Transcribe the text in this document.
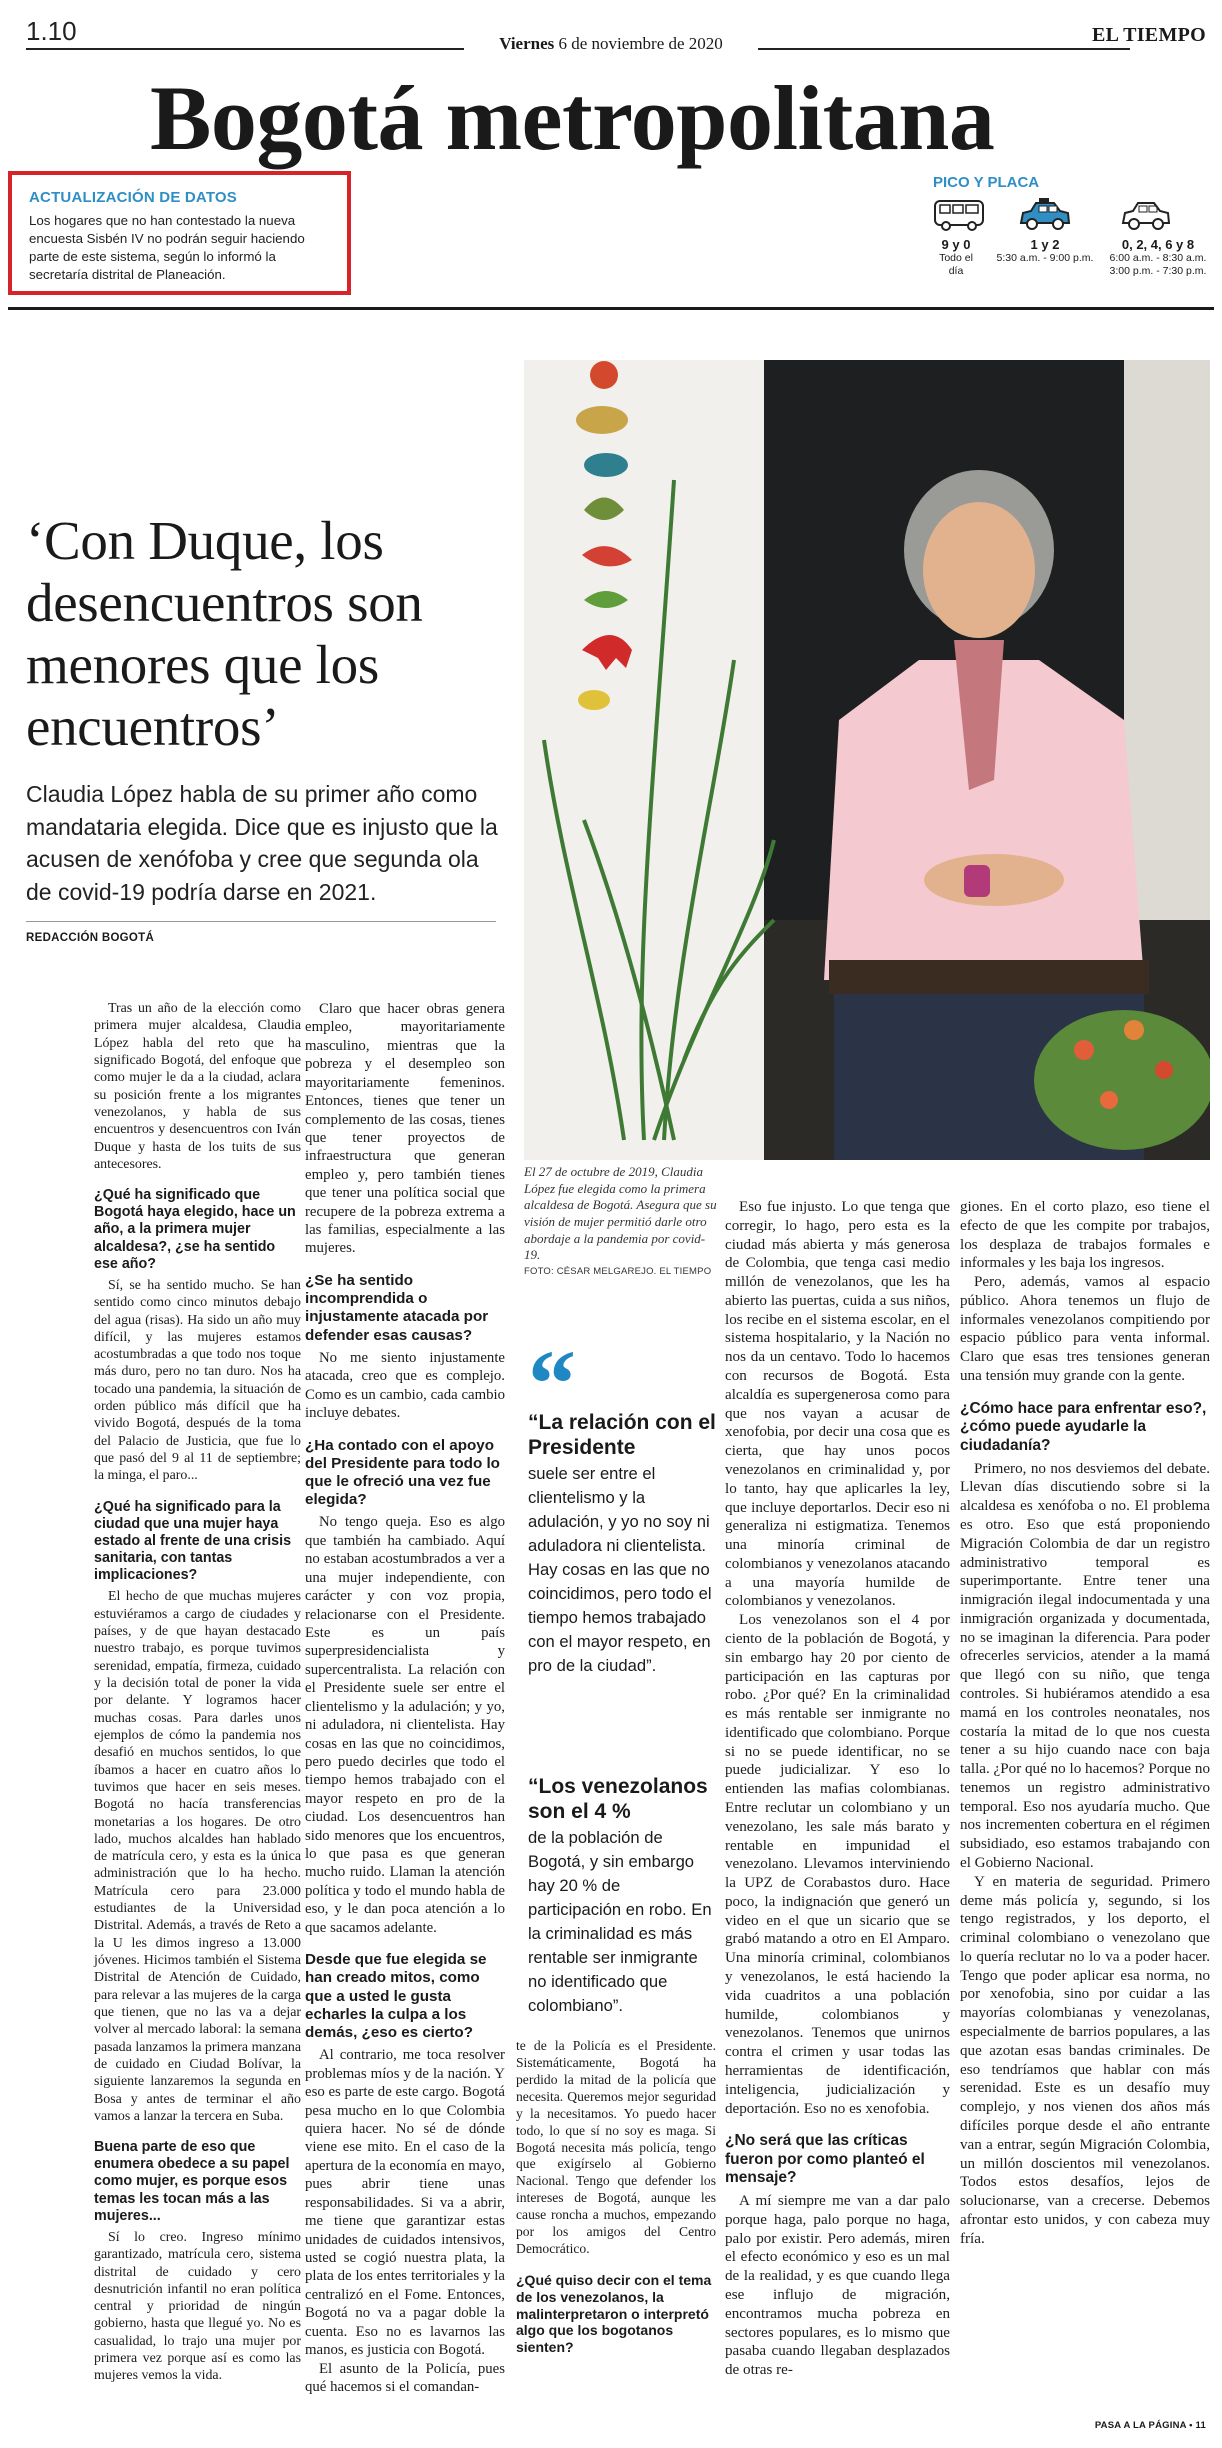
1.10	Viernes 6 de noviembre de 2020	EL TIEMPO
Bogotá metropolitana
ACTUALIZACIÓN DE DATOS
Los hogares que no han contestado la nueva encuesta Sisbén IV no podrán seguir haciendo parte de este sistema, según lo informó la secretaría distrital de Planeación.
PICO Y PLACA
9 y 0
Todo el día
1 y 2
5:30 a.m. - 9:00 p.m.
0, 2, 4, 6 y 8
6:00 a.m. - 8:30 a.m.
3:00 p.m. - 7:30 p.m.
‘Con Duque, los desencuentros son menores que los encuentros’
Claudia López habla de su primer año como mandataria elegida. Dice que es injusto que la acusen de xenófoba y cree que segunda ola de covid-19 podría darse en 2021.
REDACCIÓN BOGOTÁ
El 27 de octubre de 2019, Claudia López fue elegida como la primera alcaldesa de Bogotá. Asegura que su visión de mujer permitió darle otro abordaje a la pandemia por covid-19.
FOTO: CÉSAR MELGAREJO. EL TIEMPO
“
“La relación con el Presidente
suele ser entre el clientelismo y la adulación, y yo no soy ni aduladora ni clientelista. Hay cosas en las que no coincidimos, pero todo el tiempo hemos trabajado con el mayor respeto, en pro de la ciudad”.
“Los venezolanos son el 4 %
de la población de Bogotá, y sin embargo hay 20 % de participación en robo. En la criminalidad es más rentable ser inmigrante no identificado que colombiano”.

Tras un año de la elección como primera mujer alcaldesa, Claudia López habla del reto que ha significado Bogotá, del enfoque que como mujer le da a la ciudad, aclara su posición frente a los migrantes venezolanos, y habla de sus encuentros y desencuentros con Iván Duque y hasta de los tuits de sus antecesores.

¿Qué ha significado que Bogotá haya elegido, hace un año, a la primera mujer alcaldesa?, ¿se ha sentido ese año?

Sí, se ha sentido mucho. Se han sentido como cinco minutos debajo del agua (risas). Ha sido un año muy difícil, y las mujeres estamos acostumbradas a que todo nos toque más duro, pero no tan duro. Nos ha tocado una pandemia, la situación de orden público más difícil que ha vivido Bogotá, después de la toma del Palacio de Justicia, que fue lo que pasó del 9 al 11 de septiembre; la minga, el paro...

¿Qué ha significado para la ciudad que una mujer haya estado al frente de una crisis sanitaria, con tantas implicaciones?

El hecho de que muchas mujeres estuviéramos a cargo de ciudades y países, y de que hayan destacado nuestro trabajo, es porque tuvimos serenidad, empatía, firmeza, cuidado y la decisión total de poner la vida por delante. Y logramos hacer muchas cosas. Para darles unos ejemplos de cómo la pandemia nos desafió en muchos sentidos, lo que íbamos a hacer en cuatro años lo tuvimos que hacer en seis meses. Bogotá no hacía transferencias monetarias a los hogares. De otro lado, muchos alcaldes han hablado de matrícula cero, y esta es la única administración que lo ha hecho. Matrícula cero para 23.000 estudiantes de la Universidad Distrital. Además, a través de Reto a la U les dimos ingreso a 13.000 jóvenes. Hicimos también el Sistema Distrital de Atención de Cuidado, para relevar a las mujeres de la carga que tienen, que no las va a dejar volver al mercado laboral: la semana pasada lanzamos la primera manzana de cuidado en Ciudad Bolívar, la siguiente lanzaremos la segunda en Bosa y antes de terminar el año vamos a lanzar la tercera en Suba.

Buena parte de eso que enumera obedece a su papel como mujer, es porque esos temas les tocan más a las mujeres...

Sí lo creo. Ingreso mínimo garantizado, matrícula cero, sistema distrital de cuidado y cero desnutrición infantil no eran política central y prioridad de ningún gobierno, hasta que llegué yo. No es casualidad, lo trajo una mujer por primera vez porque así es como las mujeres vemos la vida.

Claro que hacer obras genera empleo, mayoritariamente masculino, mientras que la pobreza y el desempleo son mayoritariamente femeninos. Entonces, tienes que tener un complemento de las cosas, tienes que tener proyectos de infraestructura que generan empleo y, pero también tienes que tener una política social que recupere de la pobreza extrema a las familias, especialmente a las mujeres.

¿Se ha sentido incomprendida o injustamente atacada por defender esas causas?

No me siento injustamente atacada, creo que es complejo. Como es un cambio, cada cambio incluye debates.

¿Ha contado con el apoyo del Presidente para todo lo que le ofreció una vez fue elegida?

No tengo queja. Eso es algo que también ha cambiado. Aquí no estaban acostumbrados a ver a una mujer independiente, con carácter y con voz propia, relacionarse con el Presidente. Este es un país superpresidencialista y supercentralista. La relación con el Presidente suele ser entre el clientelismo y la adulación; y yo, ni aduladora, ni clientelista. Hay cosas en las que no coincidimos, pero puedo decirles que todo el tiempo hemos trabajado con el mayor respeto en pro de la ciudad. Los desencuentros han sido menores que los encuentros, lo que pasa es que generan mucho ruido. Llaman la atención política y todo el mundo habla de eso, y le dan poca atención a lo que sacamos adelante.

Desde que fue elegida se han creado mitos, como que a usted le gusta echarles la culpa a los demás, ¿eso es cierto?

Al contrario, me toca resolver problemas míos y de la nación. Y eso es parte de este cargo. Bogotá pesa mucho en lo que Colombia quiera hacer. No sé de dónde viene ese mito. En el caso de la apertura de la economía en mayo, pues abrir tiene unas responsabilidades. Si va a abrir, me tiene que garantizar estas unidades de cuidados intensivos, usted se cogió nuestra plata, la plata de los entes territoriales y la centralizó en el Fome. Entonces, Bogotá no va a pagar doble la cuenta. Eso no es lavarnos las manos, es justicia con Bogotá.

El asunto de la Policía, pues qué hacemos si el comandan-

te de la Policía es el Presidente. Sistemáticamente, Bogotá ha perdido la mitad de la policía que necesita. Queremos mejor seguridad y la necesitamos. Yo puedo hacer todo, lo que sí no soy es maga. Si Bogotá necesita más policía, tengo que exigírselo al Gobierno Nacional. Tengo que defender los intereses de Bogotá, aunque les cause roncha a muchos, empezando por los amigos del Centro Democrático.

¿Qué quiso decir con el tema de los venezolanos, la malinterpretaron o interpretó algo que los bogotanos sienten?

Eso fue injusto. Lo que tenga que corregir, lo hago, pero esta es la ciudad más abierta y más generosa de Colombia, que tenga casi medio millón de venezolanos, que les ha abierto las puertas, cuida a sus niños, los recibe en el sistema escolar, en el sistema hospitalario, y la Nación no nos da un centavo. Todo lo hacemos con recursos de Bogotá. Esta alcaldía es supergenerosa como para que nos vayan a acusar de xenofobia, por decir una cosa que es cierta, que hay unos pocos venezolanos en criminalidad y, por lo tanto, hay que aplicarles la ley, que incluye deportarlos. Decir eso ni generaliza ni estigmatiza. Tenemos una minoría criminal de colombianos y venezolanos atacando a una mayoría humilde de colombianos y venezolanos.

Los venezolanos son el 4 por ciento de la población de Bogotá, y sin embargo hay 20 por ciento de participación en las capturas por robo. ¿Por qué? En la criminalidad es más rentable ser inmigrante no identificado que colombiano. Porque si no se puede identificar, no se puede judicializar. Y eso lo entienden las mafias colombianas. Entre reclutar un colombiano y un venezolano, les sale más barato y rentable en impunidad el venezolano. Llevamos interviniendo la UPZ de Corabastos duro. Hace poco, la indignación que generó un video en el que un sicario que se grabó matando a otro en El Amparo. Una minoría criminal, colombianos y venezolanos, le está haciendo la vida cuadritos a una población humilde, colombianos y venezolanos. Tenemos que unirnos contra el crimen y usar todas las herramientas de identificación, inteligencia, judicialización y deportación. Eso no es xenofobia.

¿No será que las críticas fueron por como planteó el mensaje?

A mí siempre me van a dar palo porque haga, palo porque no haga, palo por existir. Pero además, miren el efecto económico y eso es un mal de la realidad, y es que cuando llega ese influjo de migración, encontramos mucha pobreza en sectores populares, es lo mismo que pasaba cuando llegaban desplazados de otras re-

giones. En el corto plazo, eso tiene el efecto de que les compite por trabajos, los desplaza de trabajos formales e informales y les baja los ingresos.

Pero, además, vamos al espacio público. Ahora tenemos un flujo de informales venezolanos compitiendo por espacio público para venta informal. Claro que esas tres tensiones generan una tensión muy grande con la gente.

¿Cómo hace para enfrentar eso?, ¿cómo puede ayudarle la ciudadanía?

Primero, no nos desviemos del debate. Llevan días discutiendo sobre si la alcaldesa es xenófoba o no. El problema es otro. Eso que está proponiendo Migración Colombia de dar un registro administrativo temporal es superimportante. Entre tener una inmigración ilegal indocumentada y una inmigración organizada y documentada, no se imaginan la diferencia. Para poder ofrecerles servicios, atender a la mamá que llegó con su niño, que tenga controles. Si hubiéramos atendido a esa mamá en los controles neonatales, nos costaría la mitad de lo que nos cuesta tener a su hijo cuando nace con baja talla. ¿Por qué no lo hacemos? Porque no tenemos un registro administrativo temporal. Eso nos ayudaría mucho. Que nos incrementen cobertura en el régimen subsidiado, eso estamos trabajando con el Gobierno Nacional.

Y en materia de seguridad. Primero deme más policía y, segundo, si los tengo registrados, y los deporto, el criminal colombiano o venezolano que lo quería reclutar no lo va a poder hacer. Tengo que poder aplicar esa norma, no por xenofobia, sino por cuidar a las mayorías colombianas y venezolanas, especialmente de barrios populares, a las que azotan esas bandas criminales. De eso tendríamos que hablar con más serenidad. Este es un desafío muy complejo, y nos vienen dos años más difíciles porque desde el año entrante van a entrar, según Migración Colombia, un millón doscientos mil venezolanos. Todos estos desafíos, lejos de solucionarse, van a crecerse. Debemos afrontar esto unidos, y con cabeza muy fría.

PASA A LA PÁGINA • 11
